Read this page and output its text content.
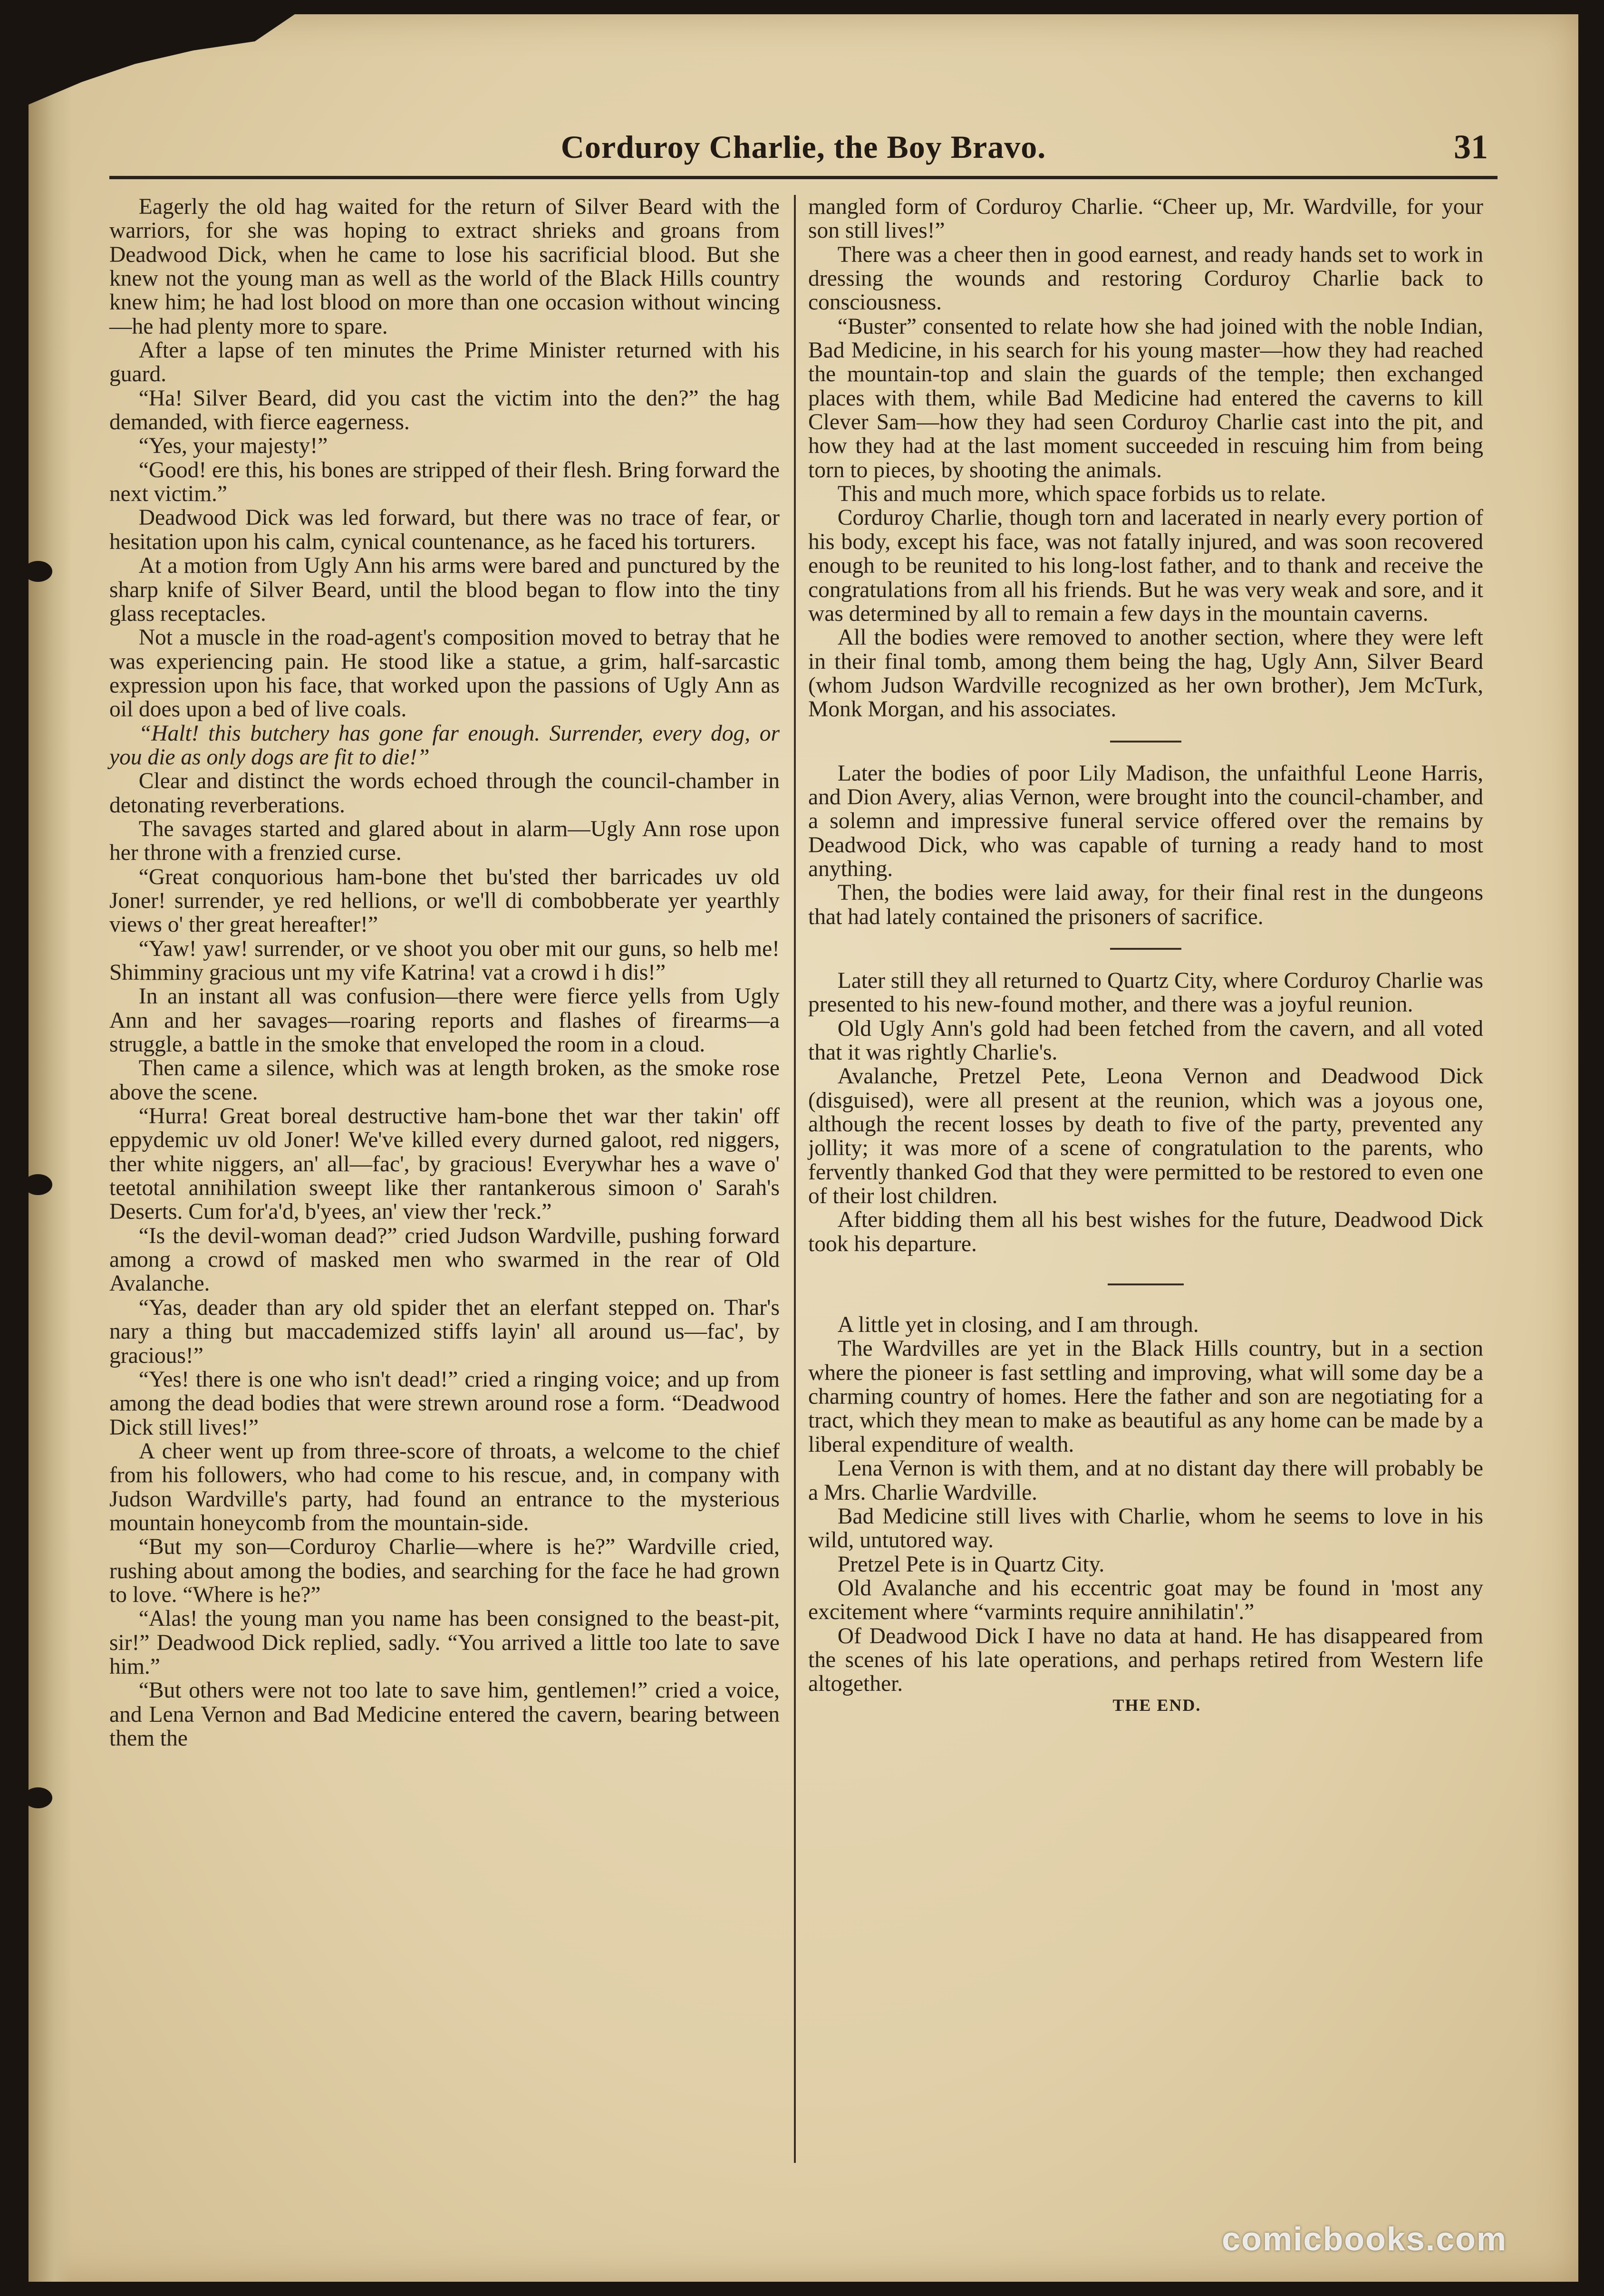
Corduroy Charlie, the Boy Bravo.	31

Eagerly the old hag waited for the return of Silver Beard with the warriors, for she was hoping to extract shrieks and groans from Deadwood Dick, when he came to lose his sacrificial blood. But she knew not the young man as well as the world of the Black Hills country knew him; he had lost blood on more than one occasion without wincing—he had plenty more to spare.

After a lapse of ten minutes the Prime Minister returned with his guard.

“Ha! Silver Beard, did you cast the victim into the den?” the hag demanded, with fierce eagerness.

“Yes, your majesty!”

“Good! ere this, his bones are stripped of their flesh. Bring forward the next victim.”

Deadwood Dick was led forward, but there was no trace of fear, or hesitation upon his calm, cynical countenance, as he faced his torturers.

At a motion from Ugly Ann his arms were bared and punctured by the sharp knife of Silver Beard, until the blood began to flow into the tiny glass receptacles.

Not a muscle in the road-agent's composition moved to betray that he was experiencing pain. He stood like a statue, a grim, half-sarcastic expression upon his face, that worked upon the passions of Ugly Ann as oil does upon a bed of live coals.

“Halt! this butchery has gone far enough. Surrender, every dog, or you die as only dogs are fit to die!”

Clear and distinct the words echoed through the council-chamber in detonating reverberations.

The savages started and glared about in alarm—Ugly Ann rose upon her throne with a frenzied curse.

“Great conquorious ham-bone thet bu'sted ther barricades uv old Joner! surrender, ye red hellions, or we'll di combobberate yer yearthly views o' ther great hereafter!”

“Yaw! yaw! surrender, or ve shoot you ober mit our guns, so helb me! Shimminy gracious unt my vife Katrina! vat a crowd i h dis!”

In an instant all was confusion—there were fierce yells from Ugly Ann and her savages—roaring reports and flashes of firearms—a struggle, a battle in the smoke that enveloped the room in a cloud.

Then came a silence, which was at length broken, as the smoke rose above the scene.

“Hurra! Great boreal destructive ham-bone thet war ther takin' off eppydemic uv old Joner! We've killed every durned galoot, red niggers, ther white niggers, an' all—fac', by gracious! Everywhar hes a wave o' teetotal annihilation sweept like ther rantankerous simoon o' Sarah's Deserts. Cum for'a'd, b'yees, an' view ther 'reck.”

“Is the devil-woman dead?” cried Judson Wardville, pushing forward among a crowd of masked men who swarmed in the rear of Old Avalanche.

“Yas, deader than ary old spider thet an elerfant stepped on. Thar's nary a thing but maccademized stiffs layin' all around us—fac', by gracious!”

“Yes! there is one who isn't dead!” cried a ringing voice; and up from among the dead bodies that were strewn around rose a form. “Deadwood Dick still lives!”

A cheer went up from three-score of throats, a welcome to the chief from his followers, who had come to his rescue, and, in company with Judson Wardville's party, had found an entrance to the mysterious mountain honeycomb from the mountain-side.

“But my son—Corduroy Charlie—where is he?” Wardville cried, rushing about among the bodies, and searching for the face he had grown to love. “Where is he?”

“Alas! the young man you name has been consigned to the beast-pit, sir!” Deadwood Dick replied, sadly. “You arrived a little too late to save him.”

“But others were not too late to save him, gentlemen!” cried a voice, and Lena Vernon and Bad Medicine entered the cavern, bearing between them the

mangled form of Corduroy Charlie. “Cheer up, Mr. Wardville, for your son still lives!”

There was a cheer then in good earnest, and ready hands set to work in dressing the wounds and restoring Corduroy Charlie back to consciousness.

“Buster” consented to relate how she had joined with the noble Indian, Bad Medicine, in his search for his young master—how they had reached the mountain-top and slain the guards of the temple; then exchanged places with them, while Bad Medicine had entered the caverns to kill Clever Sam—how they had seen Corduroy Charlie cast into the pit, and how they had at the last moment succeeded in rescuing him from being torn to pieces, by shooting the animals.

This and much more, which space forbids us to relate.

Corduroy Charlie, though torn and lacerated in nearly every portion of his body, except his face, was not fatally injured, and was soon recovered enough to be reunited to his long-lost father, and to thank and receive the congratulations from all his friends. But he was very weak and sore, and it was determined by all to remain a few days in the mountain caverns.

All the bodies were removed to another section, where they were left in their final tomb, among them being the hag, Ugly Ann, Silver Beard (whom Judson Wardville recognized as her own brother), Jem McTurk, Monk Morgan, and his associates.

Later the bodies of poor Lily Madison, the unfaithful Leone Harris, and Dion Avery, alias Vernon, were brought into the council-chamber, and a solemn and impressive funeral service offered over the remains by Deadwood Dick, who was capable of turning a ready hand to most anything.

Then, the bodies were laid away, for their final rest in the dungeons that had lately contained the prisoners of sacrifice.

Later still they all returned to Quartz City, where Corduroy Charlie was presented to his new-found mother, and there was a joyful reunion.

Old Ugly Ann's gold had been fetched from the cavern, and all voted that it was rightly Charlie's.

Avalanche, Pretzel Pete, Leona Vernon and Deadwood Dick (disguised), were all present at the reunion, which was a joyous one, although the recent losses by death to five of the party, prevented any jollity; it was more of a scene of congratulation to the parents, who fervently thanked God that they were permitted to be restored to even one of their lost children.

After bidding them all his best wishes for the future, Deadwood Dick took his departure.

A little yet in closing, and I am through.

The Wardvilles are yet in the Black Hills country, but in a section where the pioneer is fast settling and improving, what will some day be a charming country of homes. Here the father and son are negotiating for a tract, which they mean to make as beautiful as any home can be made by a liberal expenditure of wealth.

Lena Vernon is with them, and at no distant day there will probably be a Mrs. Charlie Wardville.

Bad Medicine still lives with Charlie, whom he seems to love in his wild, untutored way.

Pretzel Pete is in Quartz City.

Old Avalanche and his eccentric goat may be found in 'most any excitement where “varmints require annihilatin'.”

Of Deadwood Dick I have no data at hand. He has disappeared from the scenes of his late operations, and perhaps retired from Western life altogether.

THE END.

comicbooks.com
